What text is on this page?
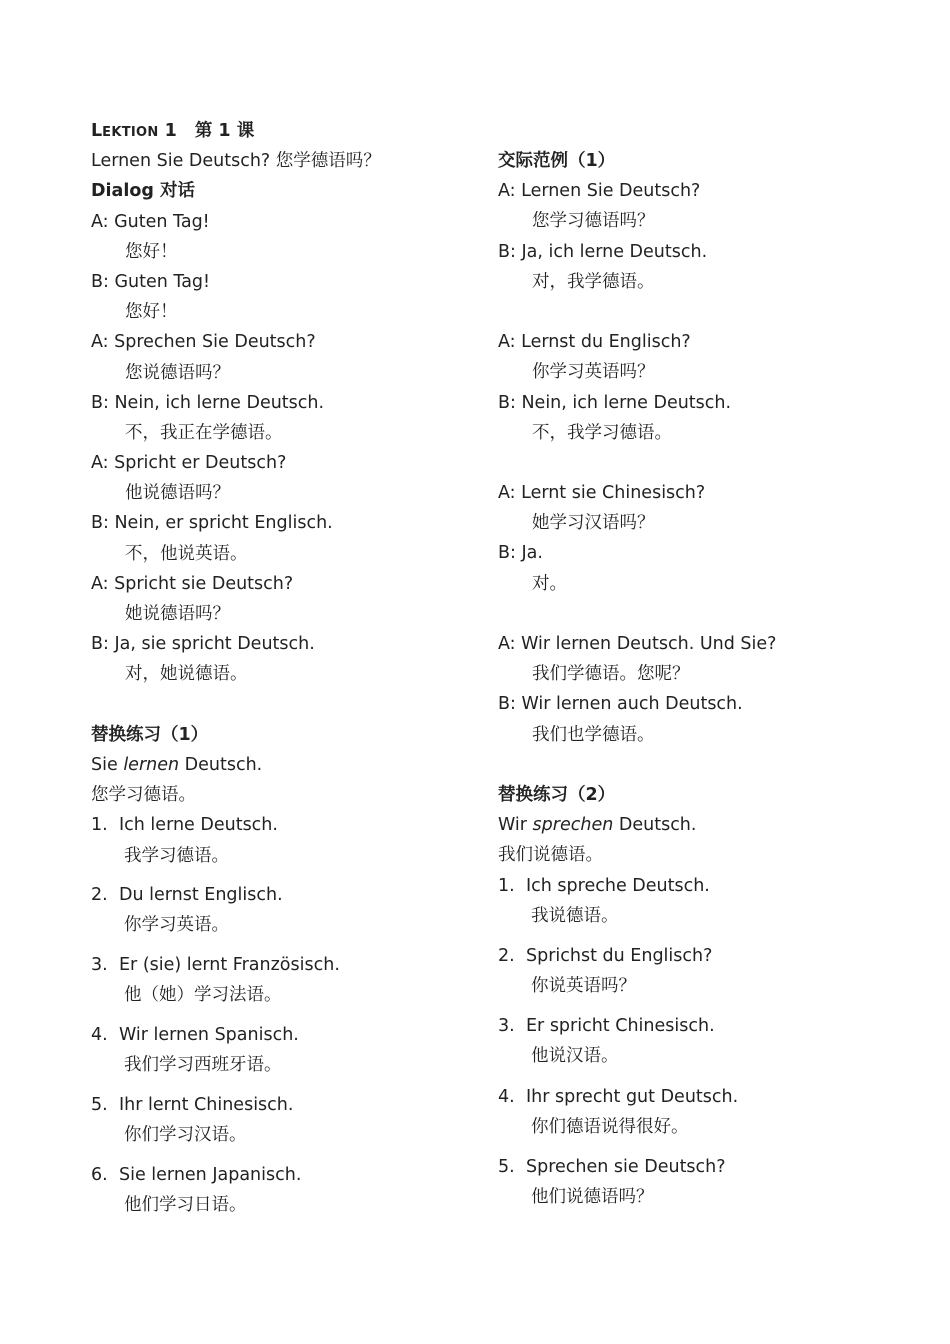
LEKTION 1 第 1 课
Lernen Sie Deutsch? 您学德语吗？
Dialog 对话
A: Guten Tag!
您好！
B: Guten Tag!
您好！
A: Sprechen Sie Deutsch?
您说德语吗？
B: Nein, ich lerne Deutsch.
不，我正在学德语。
A: Spricht er Deutsch?
他说德语吗？
B: Nein, er spricht Englisch.
不，他说英语。
A: Spricht sie Deutsch?
她说德语吗？
B: Ja, sie spricht Deutsch.
对，她说德语。
替换练习（1）
Sie lernen Deutsch.
您学习德语。
1. Ich lerne Deutsch.
我学习德语。
2. Du lernst Englisch.
你学习英语。
3. Er (sie) lernt Französisch.
他（她）学习法语。
4. Wir lernen Spanisch.
我们学习西班牙语。
5. Ihr lernt Chinesisch.
你们学习汉语。
6. Sie lernen Japanisch.
他们学习日语。
交际范例（1）
A: Lernen Sie Deutsch?
您学习德语吗？
B: Ja, ich lerne Deutsch.
对，我学德语。
A: Lernst du Englisch?
你学习英语吗？
B: Nein, ich lerne Deutsch.
不，我学习德语。
A: Lernt sie Chinesisch?
她学习汉语吗？
B: Ja.
对。
A: Wir lernen Deutsch. Und Sie?
我们学德语。您呢？
B: Wir lernen auch Deutsch.
我们也学德语。
替换练习（2）
Wir sprechen Deutsch.
我们说德语。
1. Ich spreche Deutsch.
我说德语。
2. Sprichst du Englisch?
你说英语吗？
3. Er spricht Chinesisch.
他说汉语。
4. Ihr sprecht gut Deutsch.
你们德语说得很好。
5. Sprechen sie Deutsch?
他们说德语吗？
